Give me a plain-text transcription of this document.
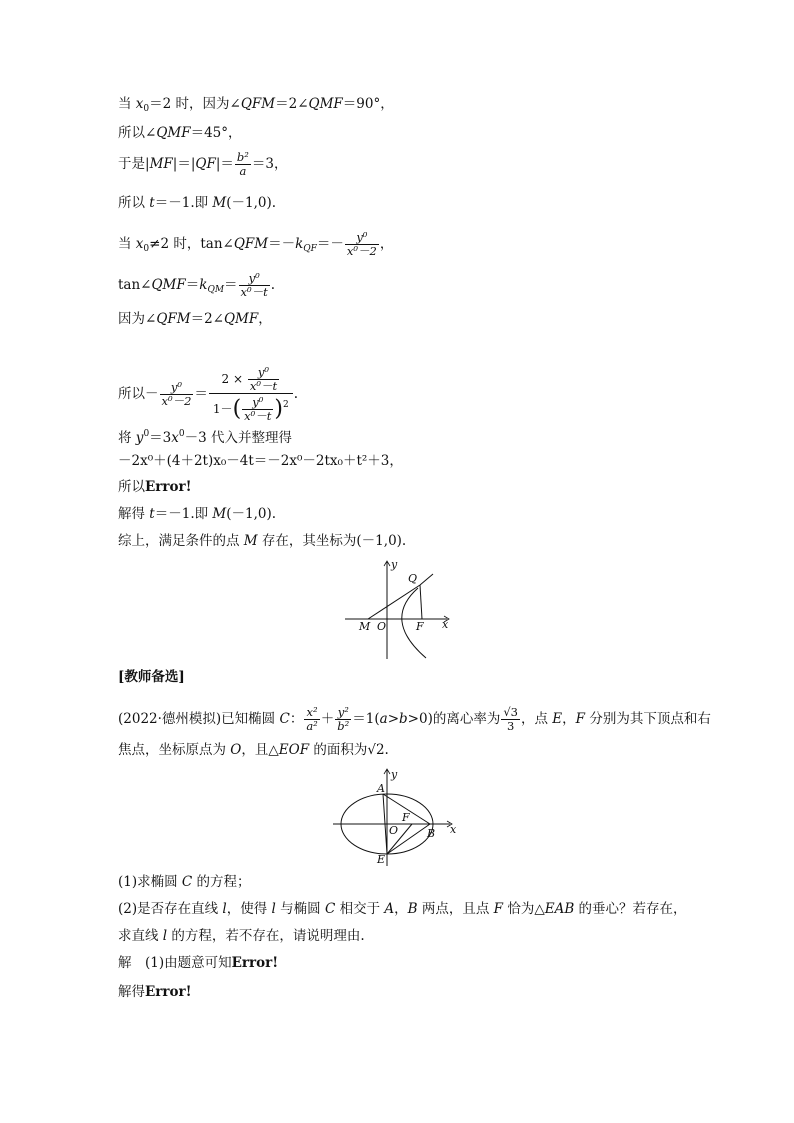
当 $x_0=2$ 时，因为∠QFM＝2∠QMF＝90°，
所以∠QMF＝45°，
于是$|MF|=|QF|= \frac{\text{b²}}{a} =3$，
所以 t＝－1.即 M(－1,0).
当 $x_0\ne 2$ 时，$\tan\angle QFM=-k_{QF}=- \frac{\text{y⁰}}{\text{x⁰－2}}$ ，
$\tan\angle QMF=k_{QM}= \frac{\text{y⁰}}{\text{x⁰－t}}$ .
因为∠QFM＝2∠QMF，
所以－ $\frac{\text{y⁰}}{\text{x⁰－2}} = \frac{2 \times \frac{\text{y⁰}}{\text{x⁰－t}}}{1-( \frac{\text{y⁰}}{\text{x⁰－t}} )^2}$ .
将 $y^0=3x^0-3$ 代入并整理得
－2x⁰＋(4＋2t)x₀－4t＝－2x⁰－2tx₀＋t²＋3，
所以Error!
解得 t＝－1.即 M(－1,0).
综上，满足条件的点 M 存在，其坐标为(－1,0).
y
x
Q
M O	F
[教师备选]
(2022·德州模拟)已知椭圆 C： $\frac{\text{x²}}{\text{a²}} + \frac{\text{y²}}{\text{b²}} =1(a>b>0)$的离心率为 $\frac{√3}{3}$ ，点 E，F 分别为其下顶点和右
焦点，坐标原点为 O，且△EOF 的面积为√2.
y
x
A
B
O
F
E
(1)求椭圆 C 的方程；
(2)是否存在直线 l，使得 l 与椭圆 C 相交于 A，B 两点，且点 F 恰为△EAB 的垂心？若存在，
求直线 l 的方程，若不存在，请说明理由.
解　(1)由题意可知Error!
解得Error!
